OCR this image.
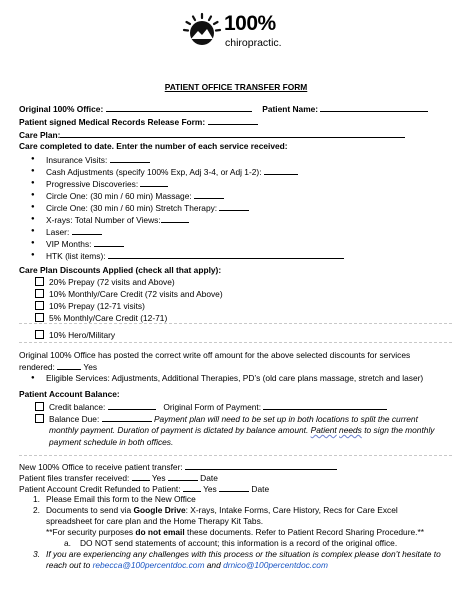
100%
chiropractic.
PATIENT OFFICE TRANSFER FORM
Original 100% Office:	Patient Name:
Patient signed Medical Records Release Form:
Care Plan:
Care completed to date. Enter the number of each service received:
● Insurance Visits:
● Cash Adjustments (specify 100% Exp, Adj 3-4, or Adj 1-2):
● Progressive Discoveries:
● Circle One: (30 min / 60 min) Massage:
● Circle One: (30 min / 60 min) Stretch Therapy:
● X-rays: Total Number of Views:
● Laser:
● VIP Months:
● HTK (list items):
Care Plan Discounts Applied (check all that apply):
20% Prepay (72 visits and Above)
10% Monthly/Care Credit (72 visits and Above)
10% Prepay (12-71 visits)
5% Monthly/Care Credit (12-71)
10% Hero/Military
Original 100% Office has posted the correct write off amount for the above selected discounts for services
rendered:	Yes
● Eligible Services: Adjustments, Additional Therapies, PD’s (old care plans massage, stretch and laser)
Patient Account Balance:
Credit balance:	Original Form of Payment:
Balance Due:	Payment plan will need to be set up in both locations to split the current
monthly payment. Duration of payment is dictated by balance amount. Patient needs to sign the monthly
payment schedule in both offices.
New 100% Office to receive patient transfer:
Patient files transfer received:	Yes	Date
Patient Account Credit Refunded to Patient:	Yes	Date
1. Please Email this form to the New Office
2. Documents to send via Google Drive: X-rays, Intake Forms, Care History, Recs for Care Excel
spreadsheet for care plan and the Home Therapy Kit Tabs.
**For security purposes do not email these documents. Refer to Patient Record Sharing Procedure.**
a. DO NOT send statements of account; this information is a record of the original office.
3. If you are experiencing any challenges with this process or the situation is complex please don’t hesitate to
reach out to rebecca@100percentdoc.com and drnico@100percentdoc.com
